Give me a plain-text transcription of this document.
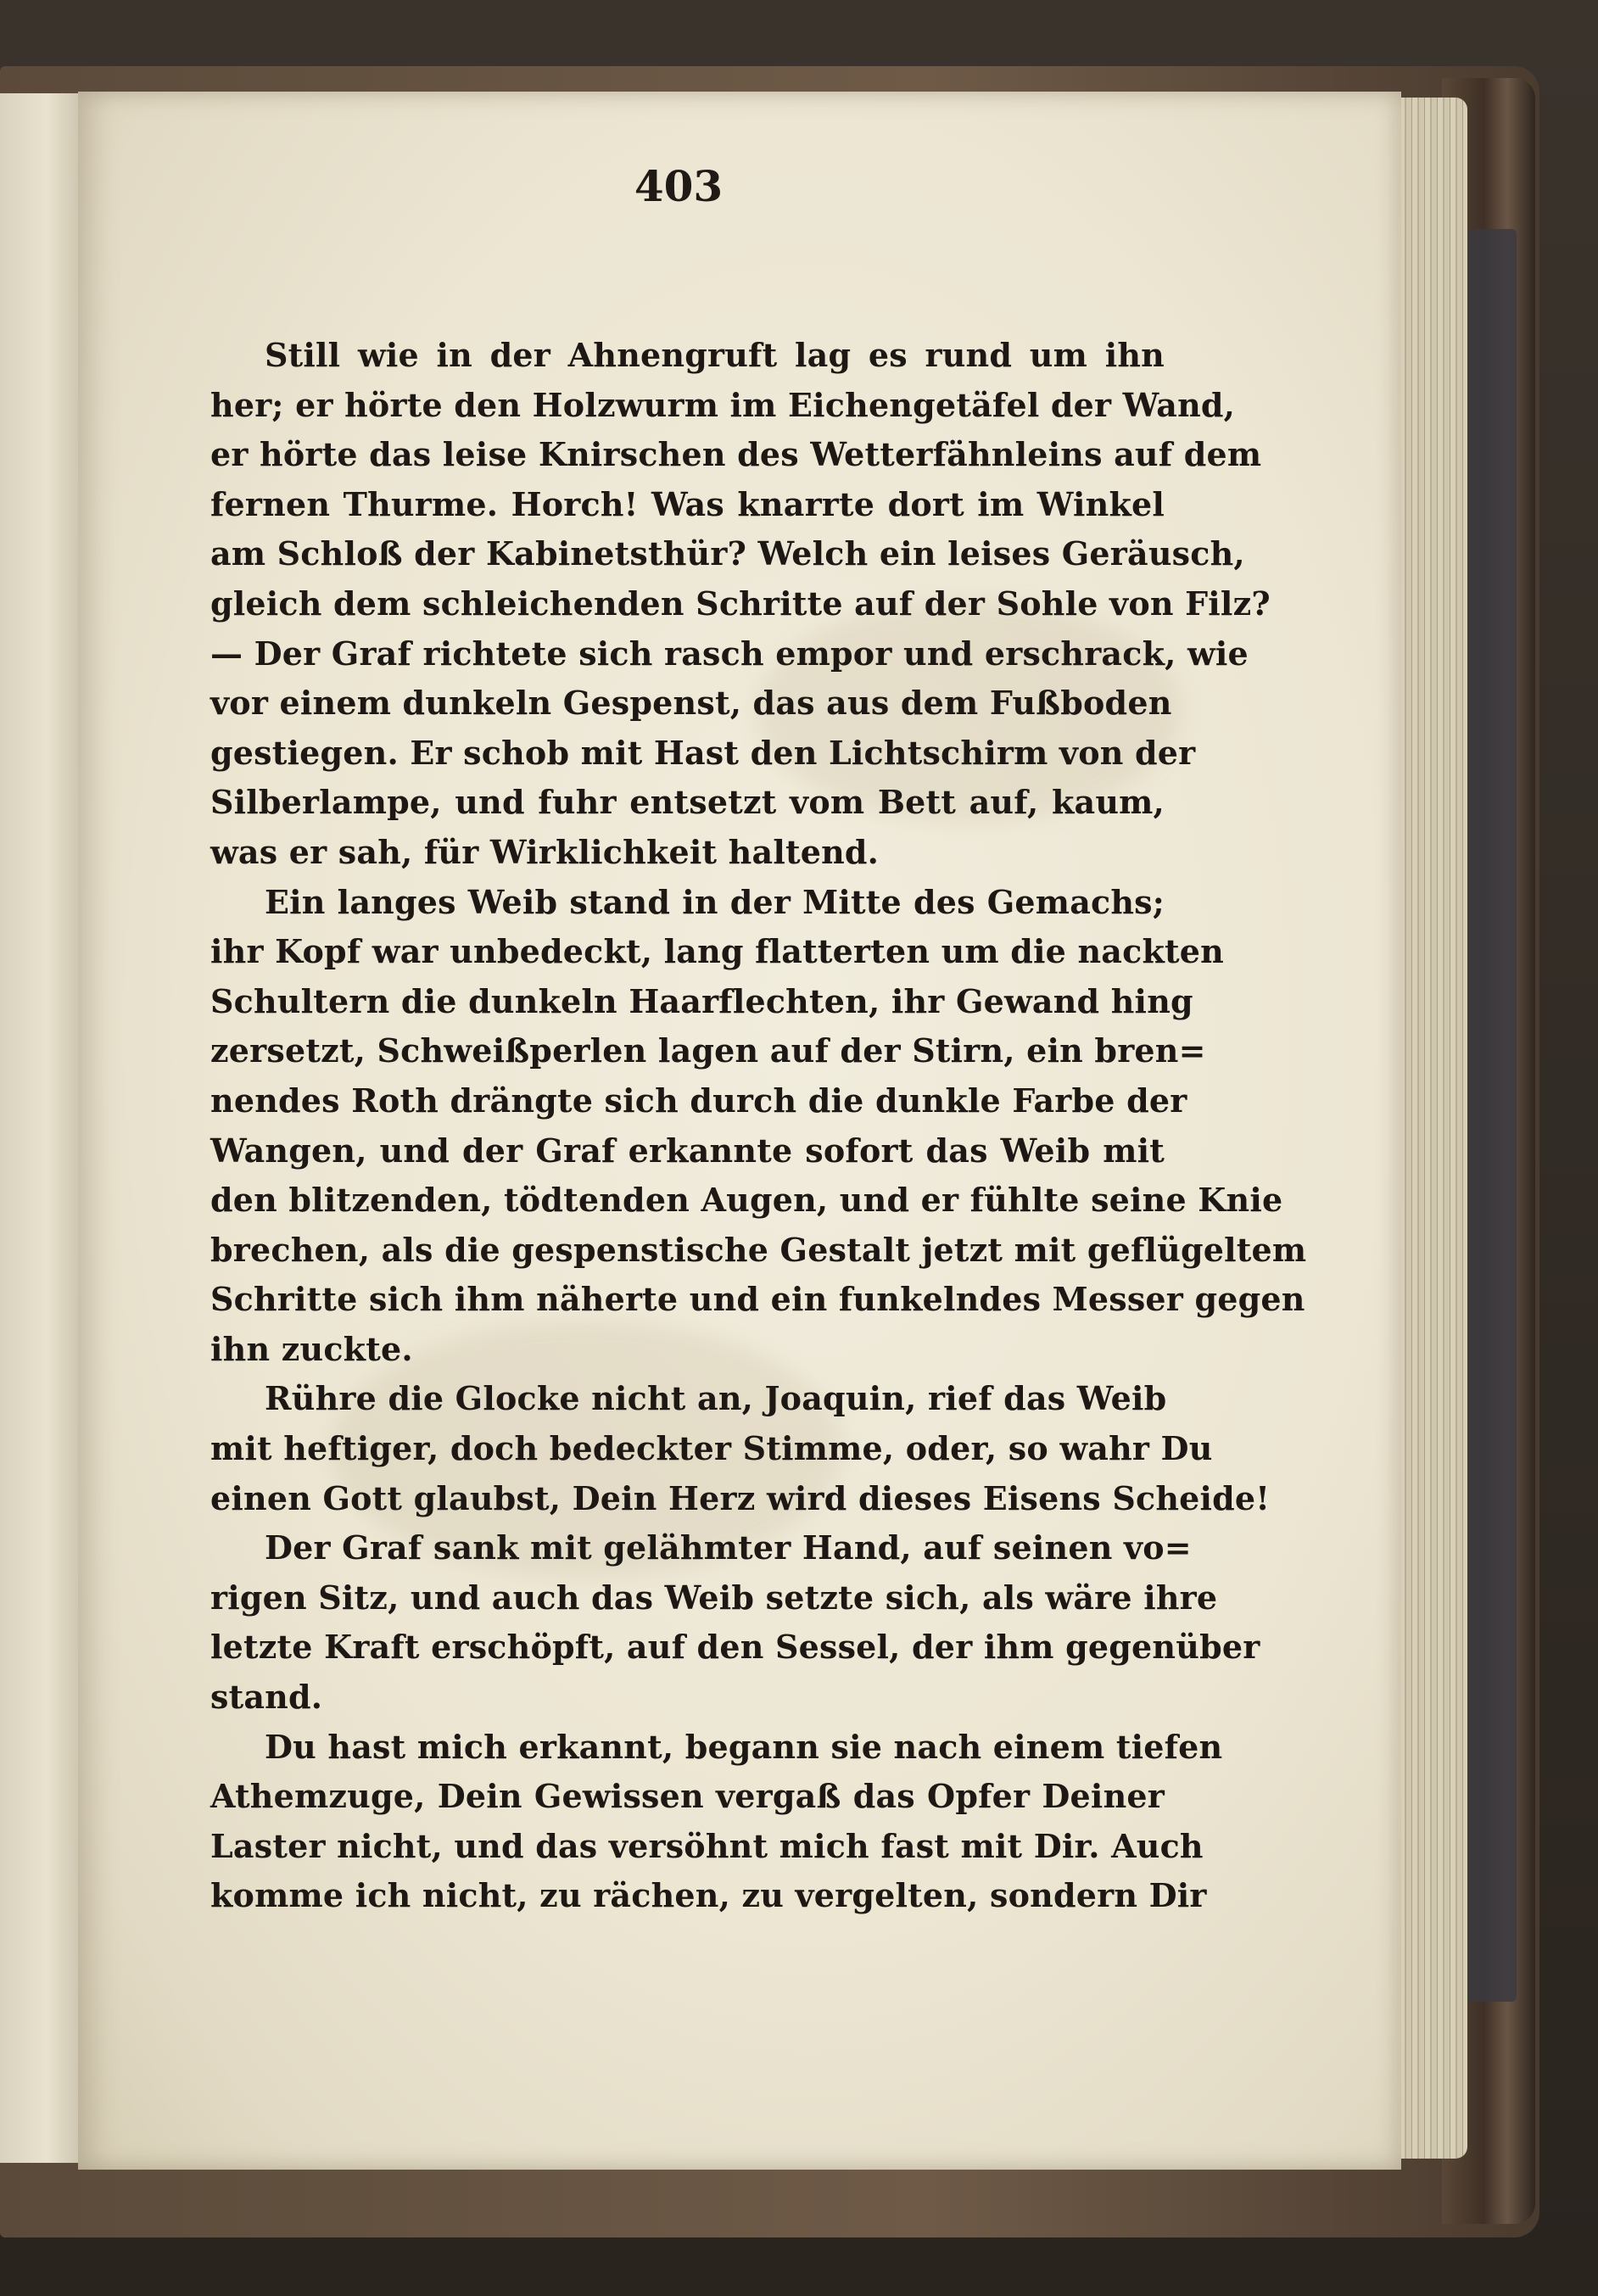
403
Still wie in der Ahnengruft lag es rund um ihn
her; er hörte den Holzwurm im Eichengetäfel der Wand,
er hörte das leise Knirschen des Wetterfähnleins auf dem
fernen Thurme. Horch! Was knarrte dort im Winkel
am Schloß der Kabinetsthür? Welch ein leises Geräusch,
gleich dem schleichenden Schritte auf der Sohle von Filz?
— Der Graf richtete sich rasch empor und erschrack, wie
vor einem dunkeln Gespenst, das aus dem Fußboden
gestiegen. Er schob mit Hast den Lichtschirm von der
Silberlampe, und fuhr entsetzt vom Bett auf, kaum,
was er sah, für Wirklichkeit haltend.
Ein langes Weib stand in der Mitte des Gemachs;
ihr Kopf war unbedeckt, lang flatterten um die nackten
Schultern die dunkeln Haarflechten, ihr Gewand hing
zersetzt, Schweißperlen lagen auf der Stirn, ein bren=
nendes Roth drängte sich durch die dunkle Farbe der
Wangen, und der Graf erkannte sofort das Weib mit
den blitzenden, tödtenden Augen, und er fühlte seine Knie
brechen, als die gespenstische Gestalt jetzt mit geflügeltem
Schritte sich ihm näherte und ein funkelndes Messer gegen
ihn zuckte.
Rühre die Glocke nicht an, Joaquin, rief das Weib
mit heftiger, doch bedeckter Stimme, oder, so wahr Du
einen Gott glaubst, Dein Herz wird dieses Eisens Scheide!
Der Graf sank mit gelähmter Hand, auf seinen vo=
rigen Sitz, und auch das Weib setzte sich, als wäre ihre
letzte Kraft erschöpft, auf den Sessel, der ihm gegenüber
stand.
Du hast mich erkannt, begann sie nach einem tiefen
Athemzuge, Dein Gewissen vergaß das Opfer Deiner
Laster nicht, und das versöhnt mich fast mit Dir. Auch
komme ich nicht, zu rächen, zu vergelten, sondern Dir
